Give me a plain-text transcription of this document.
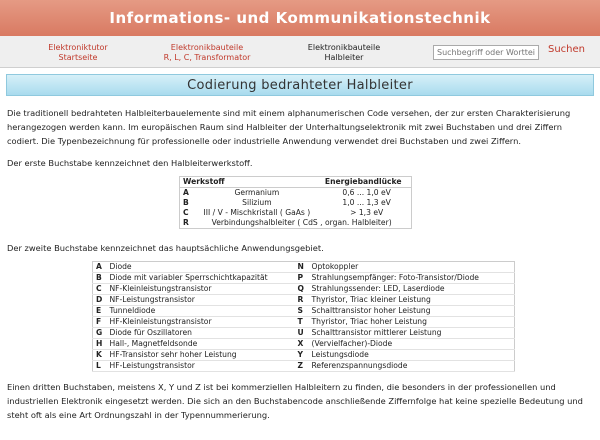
Informations- und Kommunikationstechnik
Elektroniktutor
Startseite
Elektronikbauteile
R, L, C, Transformator
Elektronikbauteile
Halbleiter
Suchbegriff oder Wortteil
Suchen
Codierung bedrahteter Halbleiter

Die traditionell bedrahteten Halbleiterbauelemente sind mit einem alphanumerischen Code versehen, der zur ersten Charakterisierung herangezogen werden kann. Im europäischen Raum sind Halbleiter der Unterhaltungselektronik mit zwei Buchstaben und drei Ziffern codiert. Die Typenbezeichnung für professionelle oder industrielle Anwendung verwendet drei Buchstaben und zwei Ziffern.

Der erste Buchstabe kennzeichnet den Halbleiterwerkstoff.

Werkstoff		Energiebandlücke
A	Germanium	0,6 ... 1,0 eV
B	Silizium	1,0 ... 1,3 eV
C	III / V - Mischkristall ( GaAs )	> 1,3 eV
R	Verbindungshalbleiter ( CdS , organ. Halbleiter)	

Der zweite Buchstabe kennzeichnet das hauptsächliche Anwendungsgebiet.

A	Diode	N	Optokoppler
B	Diode mit variabler Sperrschichtkapazität	P	Strahlungsempfänger: Foto-Transistor/Diode
C	NF-Kleinleistungstransistor	Q	Strahlungssender: LED, Laserdiode
D	NF-Leistungstransistor	R	Thyristor, Triac kleiner Leistung
E	Tunneldiode	S	Schalttransistor hoher Leistung
F	HF-Kleinleistungstransistor	T	Thyristor, Triac hoher Leistung
G	Diode für Oszillatoren	U	Schalttransistor mittlerer Leistung
H	Hall-, Magnetfeldsonde	X	(Vervielfacher)-Diode
K	HF-Transistor sehr hoher Leistung	Y	Leistungsdiode
L	HF-Leistungstransistor	Z	Referenzspannungsdiode

Einen dritten Buchstaben, meistens X, Y und Z ist bei kommerziellen Halbleitern zu finden, die besonders in der professionellen und industriellen Elektronik eingesetzt werden. Die sich an den Buchstabencode anschließende Ziffernfolge hat keine spezielle Bedeutung und steht oft als eine Art Ordnungszahl in der Typennummerierung.
